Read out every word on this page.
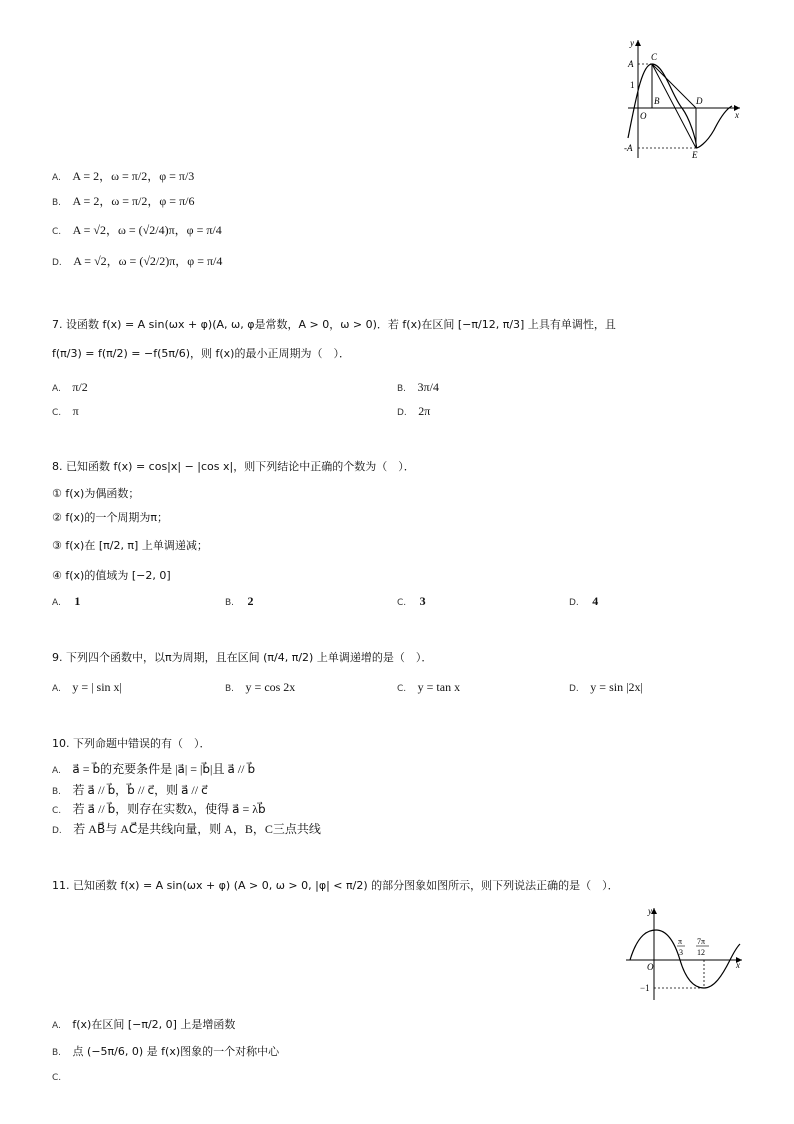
y
x
A
1
-A
O
B
C
D
E
A. A = 2，ω = π/2，φ = π/3
B. A = 2，ω = π/2，φ = π/6
C. A = √2，ω = (√2/4)π，φ = π/4
D. A = √2，ω = (√2/2)π，φ = π/4
7. 设函数 f(x) = A sin(ωx + φ)(A, ω, φ是常数，A > 0，ω > 0)．若 f(x)在区间 [−π/12, π/3] 上具有单调性，且
f(π/3) = f(π/2) = −f(5π/6)，则 f(x)的最小正周期为（　）．
A. π/2	B. 3π/4
C. π	D. 2π
8. 已知函数 f(x) = cos|x| − |cos x|，则下列结论中正确的个数为（　）．
① f(x)为偶函数；
② f(x)的一个周期为π；
③ f(x)在 [π/2, π] 上单调递减；
④ f(x)的值域为 [−2, 0]
A. 1	B. 2	C. 3	D. 4
9. 下列四个函数中，以π为周期，且在区间 (π/4, π/2) 上单调递增的是（　）．
A. y = | sin x|	B. y = cos 2x	C. y = tan x	D. y = sin |2x|
10. 下列命题中错误的有（　）．
A. a⃗ = b⃗的充要条件是 |a⃗| = |b⃗|且 a⃗ // b⃗
B. 若 a⃗ // b⃗，b⃗ // c⃗，则 a⃗ // c⃗
C. 若 a⃗ // b⃗，则存在实数λ，使得 a⃗ = λb⃗
D. 若 AB⃗与 AC⃗是共线向量，则 A，B，C三点共线
11. 已知函数 f(x) = A sin(ωx + φ) (A > 0, ω > 0, |φ| < π/2) 的部分图象如图所示，则下列说法正确的是（　）．
y
x
O
π
3
7π
12
−1
A. f(x)在区间 [−π/2, 0] 上是增函数
B. 点 (−5π/6, 0) 是 f(x)图象的一个对称中心
C.
